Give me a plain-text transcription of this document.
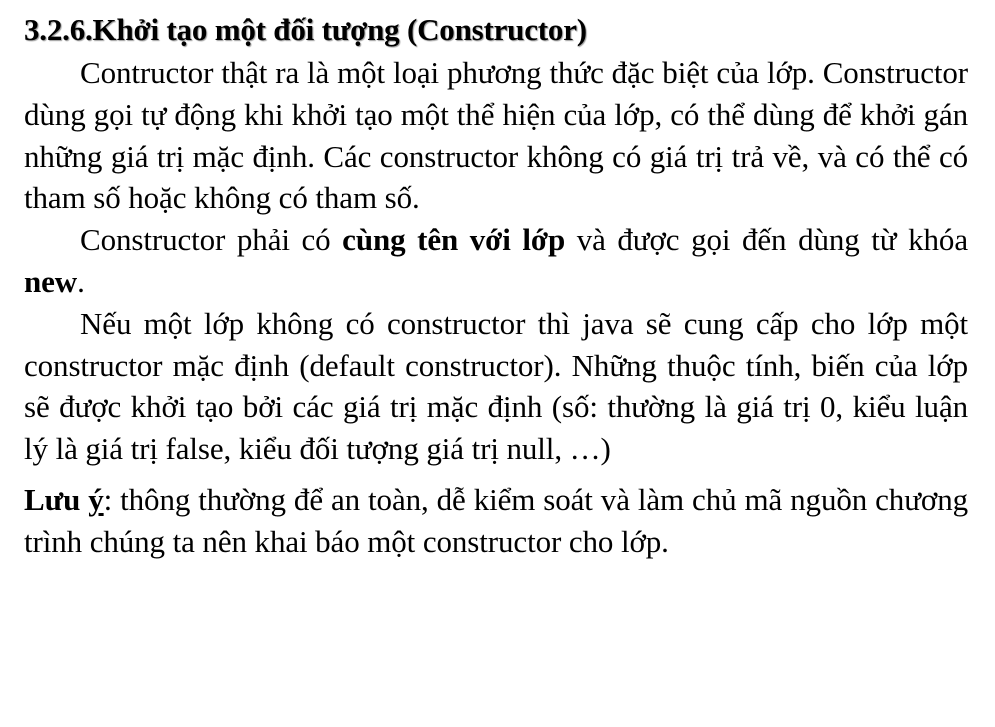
3.2.6.Khởi tạo một đối tượng (Constructor)

Contructor thật ra là một loại phương thức đặc biệt của lớp. Constructor dùng gọi tự động khi khởi tạo một thể hiện của lớp, có thể dùng để khởi gán những giá trị mặc định. Các constructor không có giá trị trả về, và có thể có tham số hoặc không có tham số.

Constructor phải có cùng tên với lớp và được gọi đến dùng từ khóa new.

Nếu một lớp không có constructor thì java sẽ cung cấp cho lớp một constructor mặc định (default constructor). Những thuộc tính, biến của lớp sẽ được khởi tạo bởi các giá trị mặc định (số: thường là giá trị 0, kiểu luận lý là giá trị false, kiểu đối tượng giá trị null, …)

Lưu ý: thông thường để an toàn, dễ kiểm soát và làm chủ mã nguồn chương trình chúng ta nên khai báo một constructor cho lớp.
